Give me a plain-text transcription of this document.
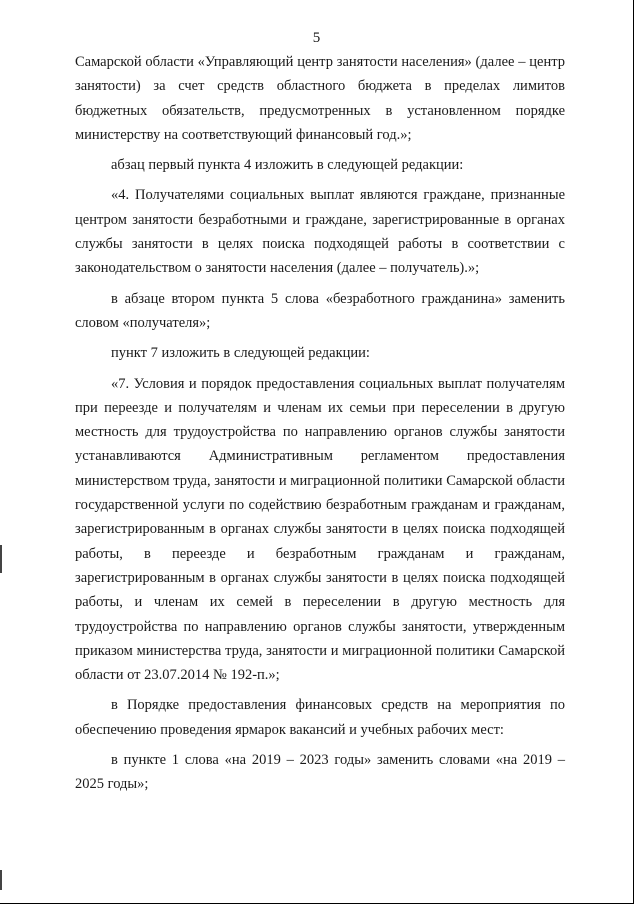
5

Самарской области «Управляющий центр занятости населения» (далее – центр занятости) за счет средств областного бюджета в пределах лимитов бюджетных обязательств, предусмотренных в установленном порядке министерству на соответствующий финансовый год.»;

абзац первый пункта 4 изложить в следующей редакции:

«4. Получателями социальных выплат являются граждане, признанные центром занятости безработными и граждане, зарегистрированные в органах службы занятости в целях поиска подходящей работы в соответствии с законодательством о занятости населения (далее – получатель).»;

в абзаце втором пункта 5 слова «безработного гражданина» заменить словом «получателя»;

пункт 7 изложить в следующей редакции:

«7. Условия и порядок предоставления социальных выплат получателям при переезде и получателям и членам их семьи при переселении в другую местность для трудоустройства по направлению органов службы занятости устанавливаются Административным регламентом предоставления министерством труда, занятости и миграционной политики Самарской области государственной услуги по содействию безработным гражданам и гражданам, зарегистрированным в органах службы занятости в целях поиска подходящей работы, в переезде и безработным гражданам и гражданам, зарегистрированным в органах службы занятости в целях поиска подходящей работы, и членам их семей в переселении в другую местность для трудоустройства по направлению органов службы занятости, утвержденным приказом министерства труда, занятости и миграционной политики Самарской области от 23.07.2014 № 192-п.»;

в Порядке предоставления финансовых средств на мероприятия по обеспечению проведения ярмарок вакансий и учебных рабочих мест:

в пункте 1 слова «на 2019 – 2023 годы» заменить словами «на 2019 – 2025 годы»;
